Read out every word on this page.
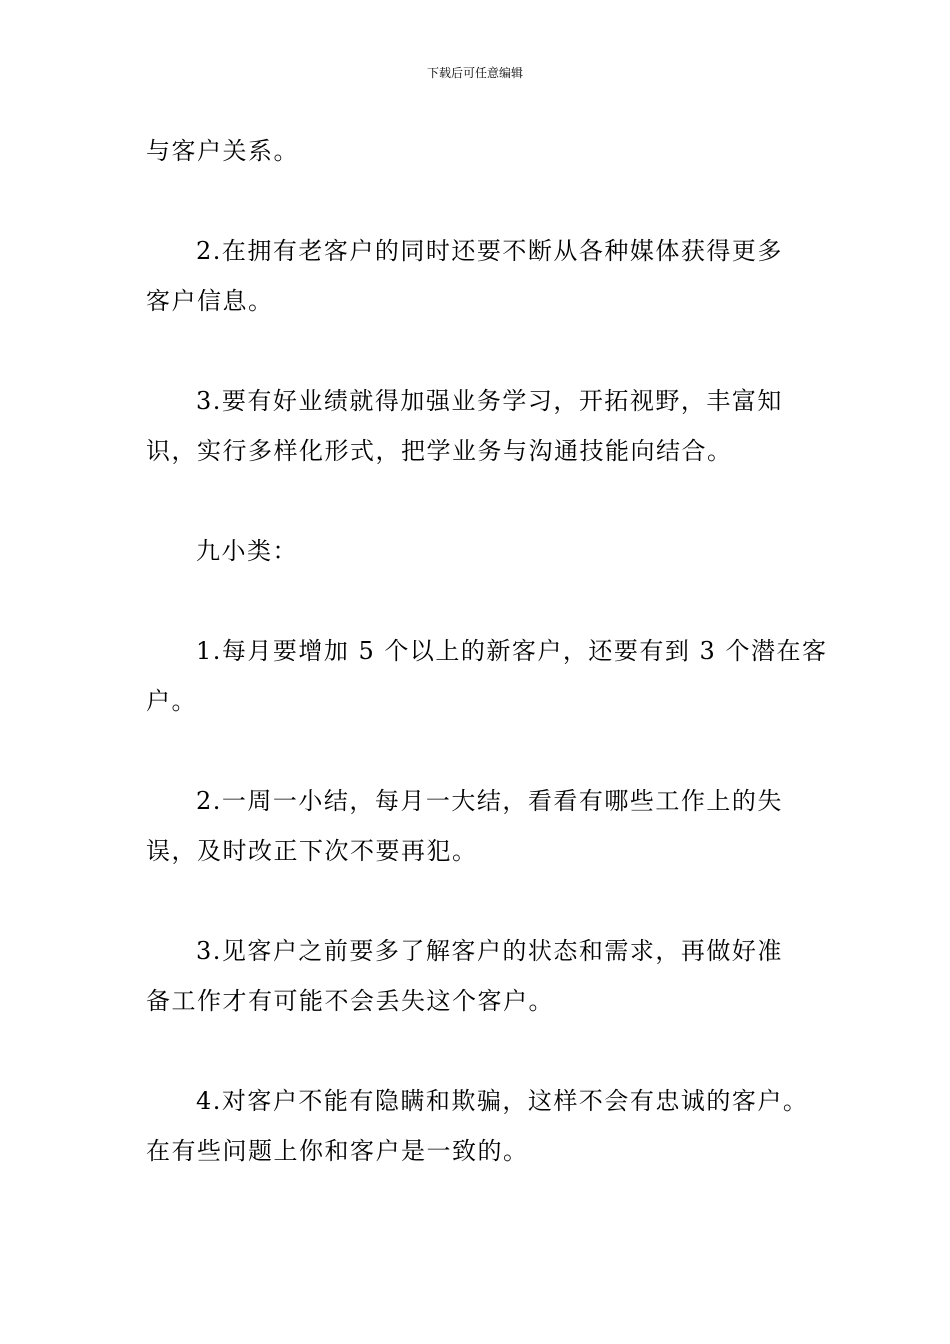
下载后可任意编辑
与客户关系。
2.在拥有老客户的同时还要不断从各种媒体获得更多
客户信息。
3.要有好业绩就得加强业务学习，开拓视野，丰富知
识，实行多样化形式，把学业务与沟通技能向结合。
九小类：
1.每月要增加 5 个以上的新客户，还要有到 3 个潜在客
户。
2.一周一小结，每月一大结，看看有哪些工作上的失
误，及时改正下次不要再犯。
3.见客户之前要多了解客户的状态和需求，再做好准
备工作才有可能不会丢失这个客户。
4.对客户不能有隐瞒和欺骗，这样不会有忠诚的客户。
在有些问题上你和客户是一致的。
